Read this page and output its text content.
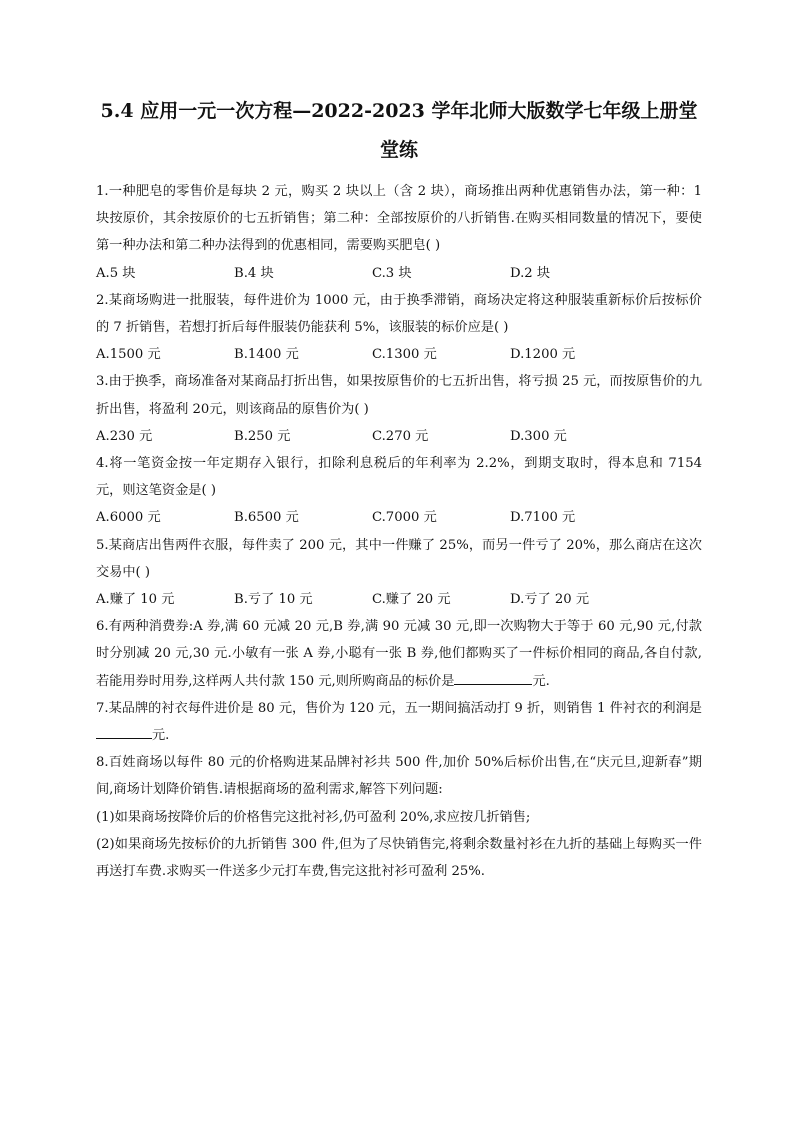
5.4 应用一元一次方程—2022-2023 学年北师大版数学七年级上册堂
堂练

1.一种肥皂的零售价是每块 2 元，购买 2 块以上（含 2 块），商场推出两种优惠销售办法，第一种：1 块按原价，其余按原价的七五折销售；第二种：全部按原价的八折销售.在购买相同数量的情况下，要使第一种办法和第二种办法得到的优惠相同，需要购买肥皂( )

A.5 块	B.4 块	C.3 块	D.2 块

2.某商场购进一批服装，每件进价为 1000 元，由于换季滞销，商场决定将这种服装重新标价后按标价的 7 折销售，若想打折后每件服装仍能获利 5%，该服装的标价应是( )

A.1500 元	B.1400 元	C.1300 元	D.1200 元

3.由于换季，商场准备对某商品打折出售，如果按原售价的七五折出售，将亏损 25 元，而按原售价的九折出售，将盈利 20元，则该商品的原售价为( )

A.230 元	B.250 元	C.270 元	D.300 元

4.将一笔资金按一年定期存入银行，扣除利息税后的年利率为 2.2%，到期支取时，得本息和 7154 元，则这笔资金是( )

A.6000 元	B.6500 元	C.7000 元	D.7100 元

5.某商店出售两件衣服，每件卖了 200 元，其中一件赚了 25%，而另一件亏了 20%，那么商店在这次交易中( )

A.赚了 10 元	B.亏了 10 元	C.赚了 20 元	D.亏了 20 元

6.有两种消费券:A 券,满 60 元减 20 元,B 券,满 90 元减 30 元,即一次购物大于等于 60 元,90 元,付款时分别减 20 元,30 元.小敏有一张 A 券,小聪有一张 B 券,他们都购买了一件标价相同的商品,各自付款,若能用券时用券,这样两人共付款 150 元,则所购商品的标价是	元.

7.某品牌的衬衣每件进价是 80 元，售价为 120 元，五一期间搞活动打 9 折，则销售 1 件衬衣的利润是元.

8.百姓商场以每件 80 元的价格购进某品牌衬衫共 500 件,加价 50%后标价出售,在“庆元旦,迎新春”期间,商场计划降价销售.请根据商场的盈利需求,解答下列问题:

(1)如果商场按降价后的价格售完这批衬衫,仍可盈利 20%,求应按几折销售;

(2)如果商场先按标价的九折销售 300 件,但为了尽快销售完,将剩余数量衬衫在九折的基础上每购买一件再送打车费.求购买一件送多少元打车费,售完这批衬衫可盈利 25%.
